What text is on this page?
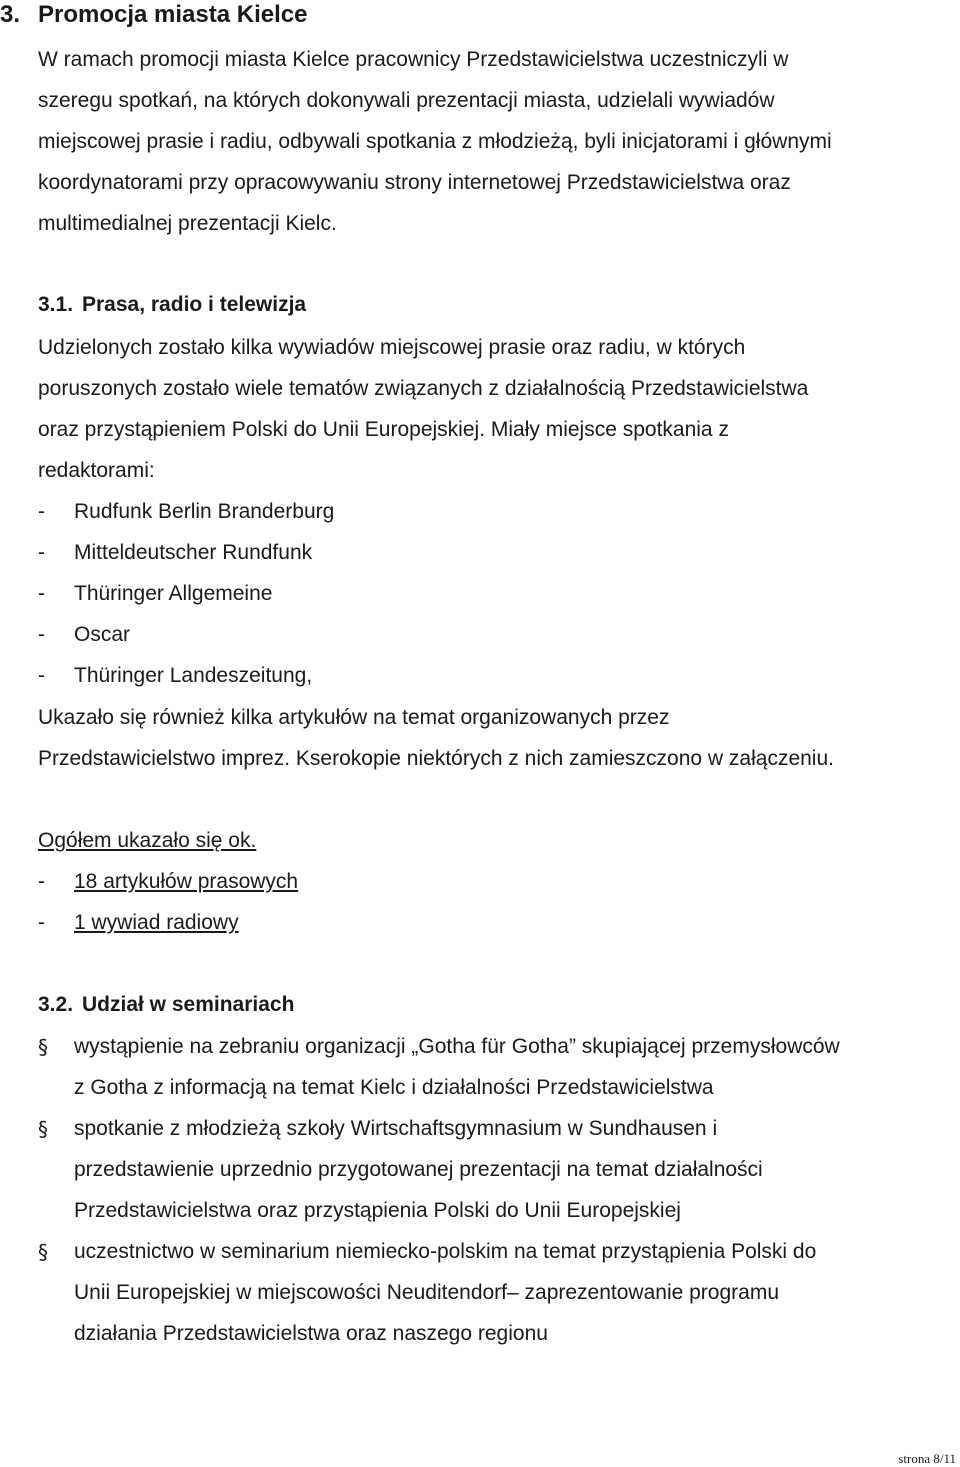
3. Promocja miasta Kielce
W ramach promocji miasta Kielce pracownicy Przedstawicielstwa uczestniczyli w
szeregu spotkań, na których dokonywali prezentacji miasta, udzielali wywiadów
miejscowej prasie i radiu, odbywali spotkania z młodzieżą, byli inicjatorami i głównymi
koordynatorami przy opracowywaniu strony internetowej Przedstawicielstwa oraz
multimedialnej prezentacji Kielc.
3.1. Prasa, radio i telewizja
Udzielonych zostało kilka wywiadów miejscowej prasie oraz radiu, w których
poruszonych zostało wiele tematów związanych z działalnością Przedstawicielstwa
oraz przystąpieniem Polski do Unii Europejskiej. Miały miejsce spotkania z
redaktorami:
-	Rudfunk Berlin Branderburg
-	Mitteldeutscher Rundfunk
-	Thüringer Allgemeine
-	Oscar
-	Thüringer Landeszeitung,
Ukazało się również kilka artykułów na temat organizowanych przez
Przedstawicielstwo imprez. Kserokopie niektórych z nich zamieszczono w załączeniu.
Ogółem ukazało się ok.
-	18 artykułów prasowych
-	1 wywiad radiowy
3.2. Udział w seminariach
§	wystąpienie na zebraniu organizacji „Gotha für Gotha” skupiającej przemysłowców
z Gotha z informacją na temat Kielc i działalności Przedstawicielstwa
§	spotkanie z młodzieżą szkoły Wirtschaftsgymnasium w Sundhausen i
przedstawienie uprzednio przygotowanej prezentacji na temat działalności
Przedstawicielstwa oraz przystąpienia Polski do Unii Europejskiej
§	uczestnictwo w seminarium niemiecko-polskim na temat przystąpienia Polski do
Unii Europejskiej w miejscowości Neuditendorf– zaprezentowanie programu
działania Przedstawicielstwa oraz naszego regionu
strona 8/11
